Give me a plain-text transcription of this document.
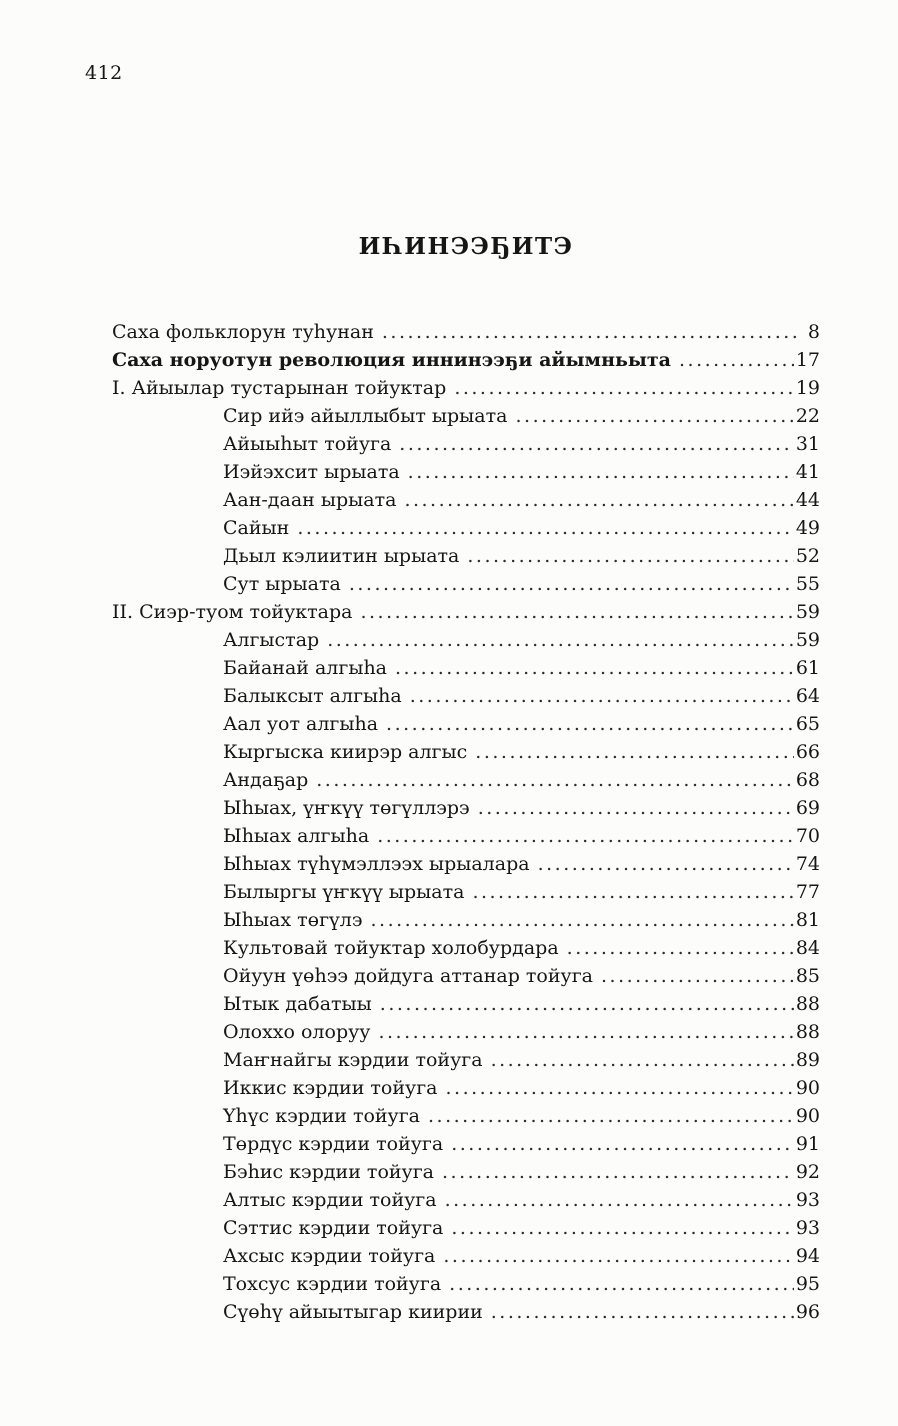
412
ИҺИНЭЭҔИТЭ
Саха фольклорун туһунан .....	8
Саха норуотун революция иннинээҕи айымньыта .....	17
I. Айыылар тустарынан тойуктар .....	19
Сир ийэ айыллыбыт ырыата .....	22
Айыыһыт тойуга .....	31
Иэйэхсит ырыата .....	41
Аан-даан ырыата .....	44
Сайын .....	49
Дьыл кэлиитин ырыата .....	52
Сут ырыата .....	55
II. Сиэр-туом тойуктара .....	59
Алгыстар .....	59
Байанай алгыһа .....	61
Балыксыт алгыһа .....	64
Аал уот алгыһа .....	65
Кыргыска киирэр алгыс .....	66
Андаҕар .....	68
Ыһыах, үҥкүү төгүллэрэ .....	69
Ыһыах алгыһа .....	70
Ыһыах түһүмэллээх ырыалара .....	74
Былыргы үҥкүү ырыата .....	77
Ыһыах төгүлэ .....	81
Культовай тойуктар холобурдара .....	84
Ойуун үөһээ дойдуга аттанар тойуга .....	85
Ытык дабатыы .....	88
Олоххо олоруу .....	88
Маҥнайгы кэрдии тойуга .....	89
Иккис кэрдии тойуга .....	90
Үһүс кэрдии тойуга .....	90
Төрдүс кэрдии тойуга .....	91
Бэһис кэрдии тойуга .....	92
Алтыс кэрдии тойуга .....	93
Сэттис кэрдии тойуга .....	93
Ахсыс кэрдии тойуга .....	94
Тохсус кэрдии тойуга .....	95
Сүөһү айыытыгар киирии .....	96
